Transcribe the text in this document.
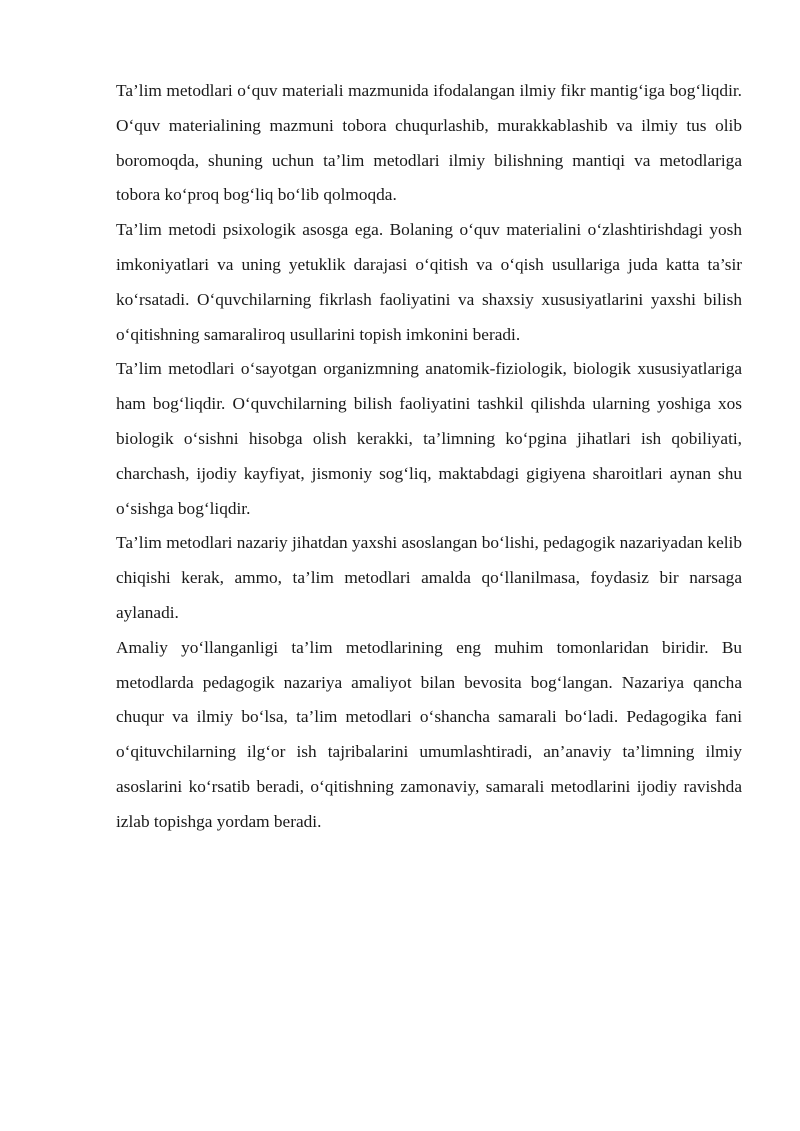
Ta’lim metodlari o‘quv materiali mazmunida ifodalangan ilmiy fikr mantig‘iga bog‘liqdir. O‘quv materialining mazmuni tobora chuqurlashib, murakkablashib va ilmiy tus olib boromoqda, shuning uchun ta’lim metodlari ilmiy bilishning mantiqi va metodlariga tobora ko‘proq bog‘liq bo‘lib qolmoqda.

Ta’lim metodi psixologik asosga ega. Bolaning o‘quv materialini o‘zlashtirishdagi yosh imkoniyatlari va uning yetuklik darajasi o‘qitish va o‘qish usullariga juda katta ta’sir ko‘rsatadi. O‘quvchilarning fikrlash faoliyatini va shaxsiy xususiyatlarini yaxshi bilish o‘qitishning samaraliroq usullarini topish imkonini beradi.

Ta’lim metodlari o‘sayotgan organizmning anatomik-fiziologik, biologik xususiyatlariga ham bog‘liqdir. O‘quvchilarning bilish faoliyatini tashkil qilishda ularning yoshiga xos biologik o‘sishni hisobga olish kerakki, ta’limning ko‘pgina jihatlari ish qobiliyati, charchash, ijodiy kayfiyat, jismoniy sog‘liq, maktabdagi gigiyena sharoitlari aynan shu o‘sishga bog‘liqdir.

Ta’lim metodlari nazariy jihatdan yaxshi asoslangan bo‘lishi, pedagogik nazariyadan kelib chiqishi kerak, ammo, ta’lim metodlari amalda qo‘llanilmasa, foydasiz bir narsaga aylanadi.

Amaliy yo‘llanganligi ta’lim metodlarining eng muhim tomonlaridan biridir. Bu metodlarda pedagogik nazariya amaliyot bilan bevosita bog‘langan. Nazariya qancha chuqur va ilmiy bo‘lsa, ta’lim metodlari o‘shancha samarali bo‘ladi. Pedagogika fani o‘qituvchilarning ilg‘or ish tajribalarini umumlashtiradi, an’anaviy ta’limning ilmiy asoslarini ko‘rsatib beradi, o‘qitishning zamonaviy, samarali metodlarini ijodiy ravishda izlab topishga yordam beradi.
